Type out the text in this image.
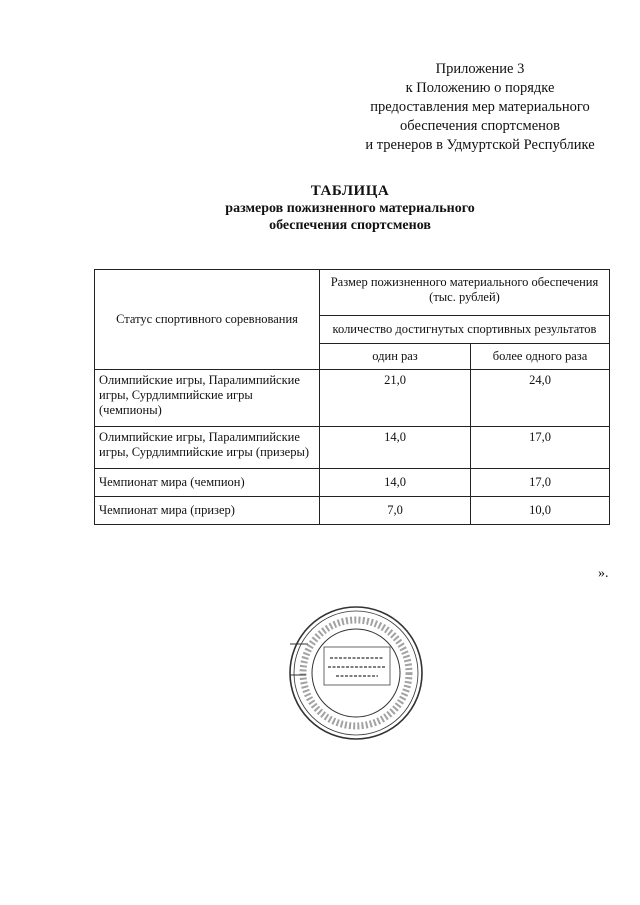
Приложение 3
к Положению о порядке
предоставления мер материального
обеспечения спортсменов
и тренеров в Удмуртской Республике
ТАБЛИЦА
размеров пожизненного материального
обеспечения спортсменов
Статус спортивного соревнования	Размер пожизненного материального обеспечения (тыс. рублей)	
	количество достигнутых спортивных результатов	
	один раз	более одного раза
Олимпийские игры, Паралимпийские игры, Сурдлимпийские игры (чемпионы)	21,0	24,0
Олимпийские игры, Паралимпийские игры, Сурдлимпийские игры (призеры)	14,0	17,0
Чемпионат мира (чемпион)	14,0	17,0
Чемпионат мира (призер)	7,0	10,0
».
